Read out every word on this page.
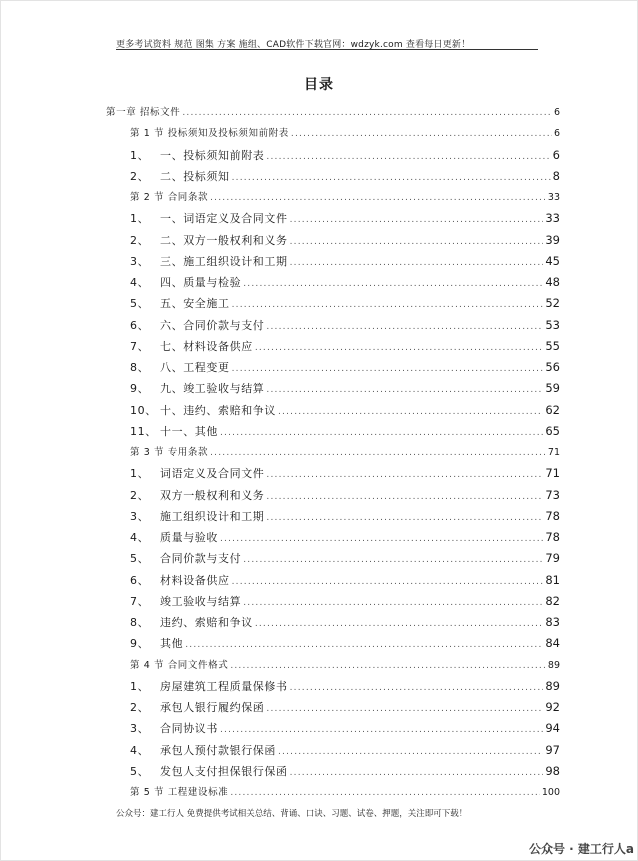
更多考试资料 规范 图集 方案 施组、CAD软件下载官网：wdzyk.com 查看每日更新！
目录
第一章 招标文件 .....	6
第 1 节 投标须知及投标须知前附表 .....	6
1、 一、投标须知前附表 .....	6
2、 二、投标须知 .....	8
第 2 节 合同条款 .....	33
1、 一、词语定义及合同文件 .....	33
2、 二、双方一般权利和义务 .....	39
3、 三、施工组织设计和工期 .....	45
4、 四、质量与检验 .....	48
5、 五、安全施工 .....	52
6、 六、合同价款与支付 .....	53
7、 七、材料设备供应 .....	55
8、 八、工程变更 .....	56
9、 九、竣工验收与结算 .....	59
10、 十、违约、索赔和争议 .....	62
11、 十一、其他 .....	65
第 3 节 专用条款 .....	71
1、 词语定义及合同文件 .....	71
2、 双方一般权利和义务 .....	73
3、 施工组织设计和工期 .....	78
4、 质量与验收 .....	78
5、 合同价款与支付 .....	79
6、 材料设备供应 .....	81
7、 竣工验收与结算 .....	82
8、 违约、索赔和争议 .....	83
9、 其他 .....	84
第 4 节 合同文件格式 .....	89
1、 房屋建筑工程质量保修书 .....	89
2、 承包人银行履约保函 .....	92
3、 合同协议书 .....	94
4、 承包人预付款银行保函 .....	97
5、 发包人支付担保银行保函 .....	98
第 5 节 工程建设标准 .....	100
公众号：建工行人 免费提供考试相关总结、背诵、口诀、习题、试卷、押题，关注即可下载！
公众号 · 建工行人a
